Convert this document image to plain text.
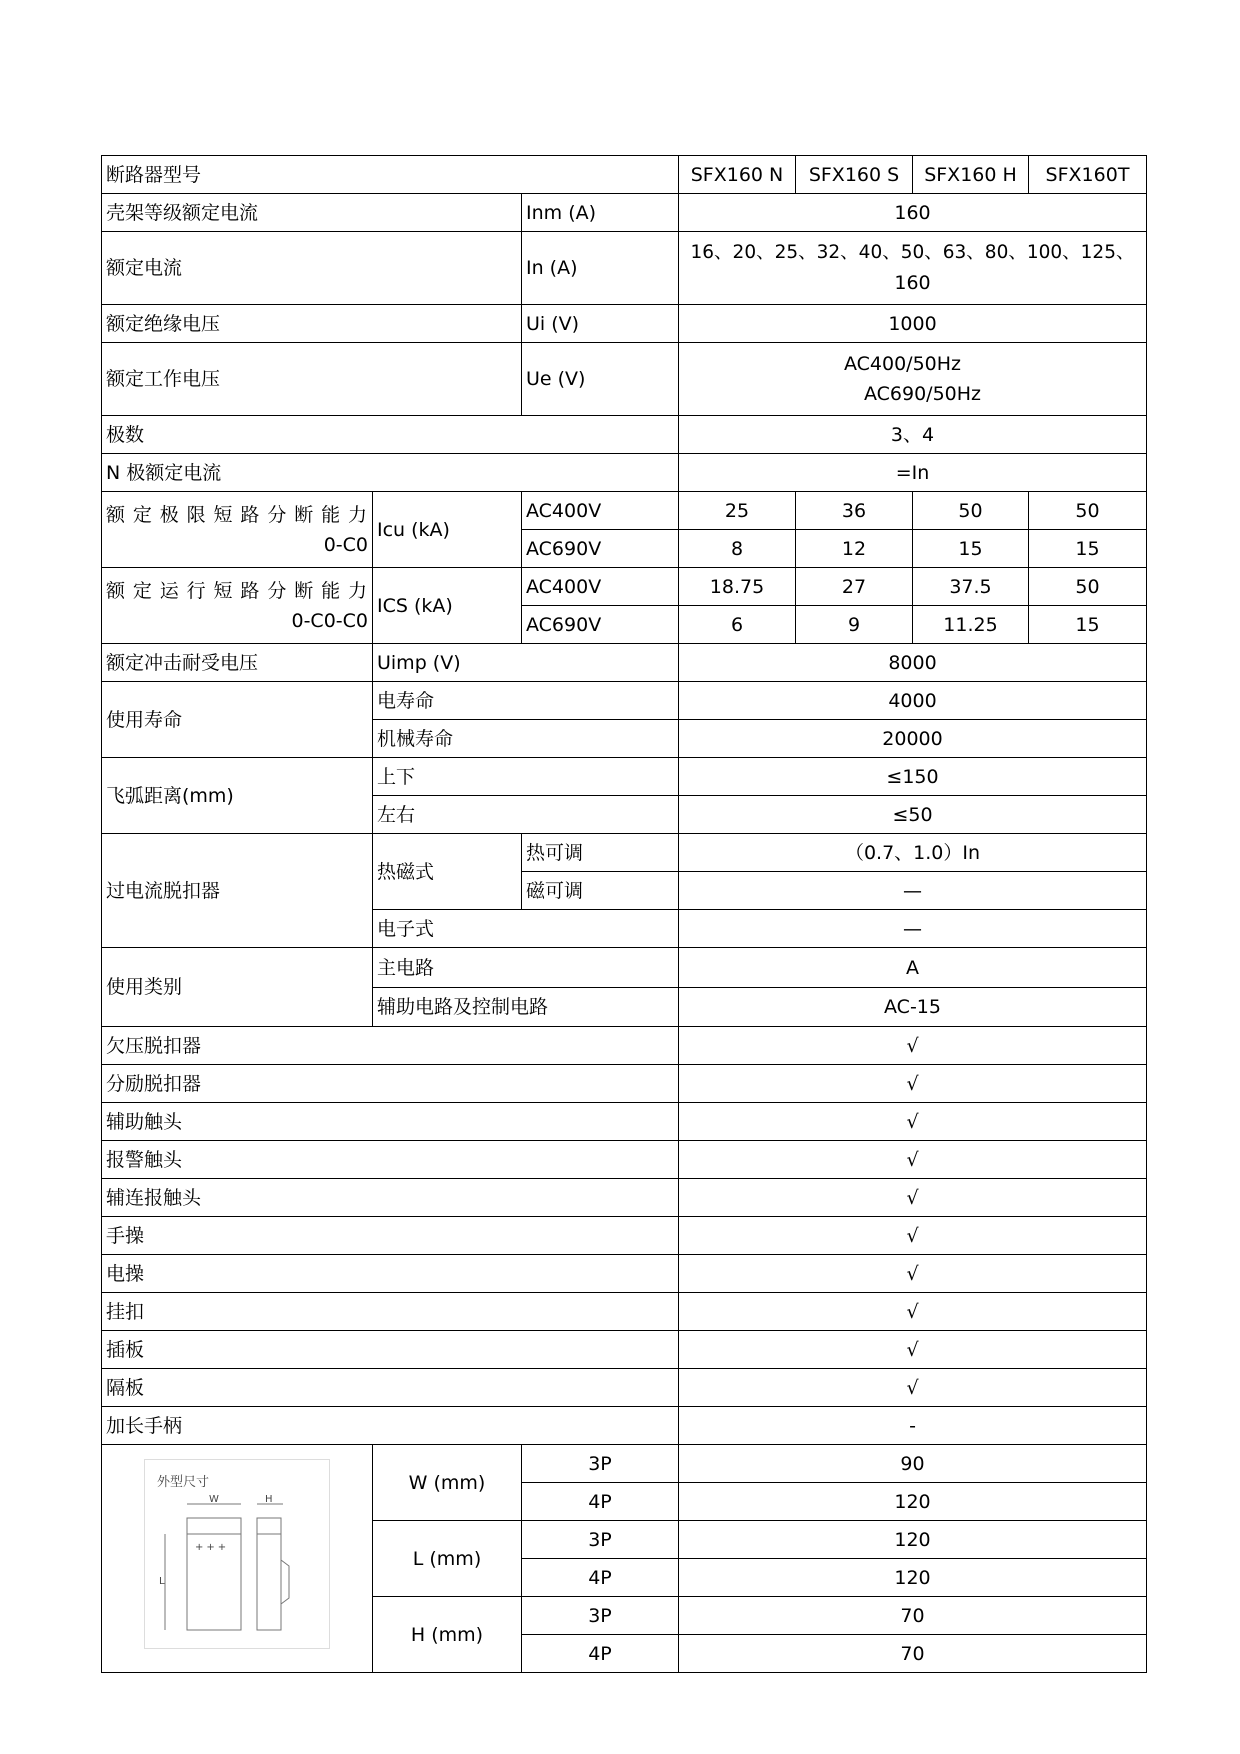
断路器型号			SFX160 N	SFX160 S	SFX160 H	SFX160T
壳架等级额定电流		Inm (A)	160			
额定电流		In (A)	16、20、25、32、40、50、63、80、100、125、
160			

额定绝缘电压		Ui (V)	1000			
额定工作电压		Ue (V)	AC400/50Hz
AC690/50Hz			

极数			3、4			
N 极额定电流			=In			

额定极限短路分断能力
0-C0	Icu (kA)	AC400V	25	36	50	50
		AC690V	8	12	15	15

额定运行短路分断能力
0-C0-C0	ICS (kA)	AC400V	18.75	27	37.5	50
		AC690V	6	9	11.25	15
额定冲击耐受电压	Uimp (V)		8000			
使用寿命	电寿命		4000			
	机械寿命		20000			
飞弧距离(mm)	上下		≤150			
	左右		≤50			
过电流脱扣器	热磁式	热可调	（0.7、1.0）In			
		磁可调	—			
	电子式		—			
使用类别	主电路		A			
	辅助电路及控制电路		AC-15			
欠压脱扣器			√			
分励脱扣器			√			
辅助触头			√			
报警触头			√			
辅连报触头			√			
手操			√			
电操			√			
挂扣			√			
插板			√			
隔板			√			
加长手柄			-			

外型尺寸
W
+++
L
H	W (mm)	3P	90			
		4P	120			
	L (mm)	3P	120			
		4P	120			
	H (mm)	3P	70			
		4P	70			
